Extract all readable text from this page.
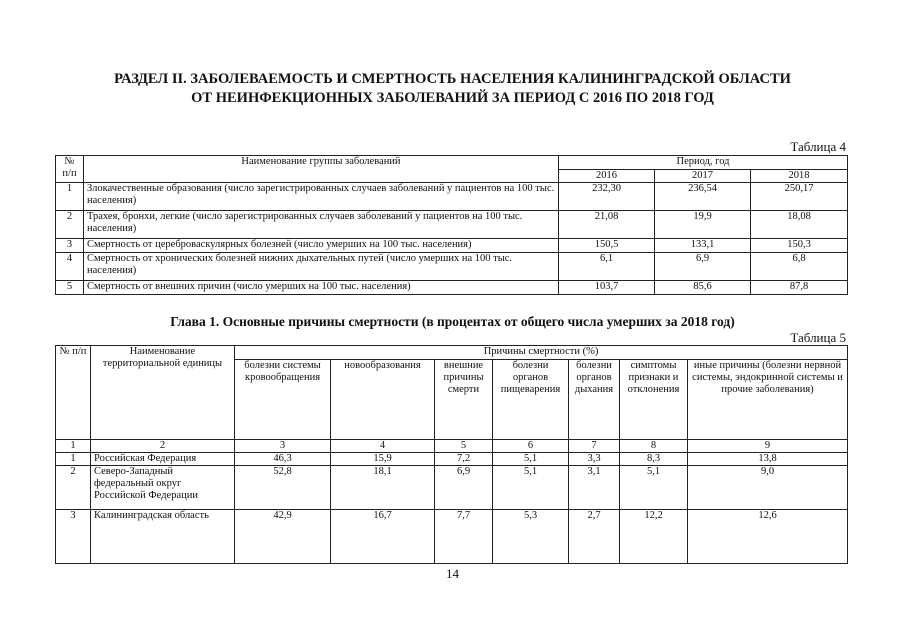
РАЗДЕЛ II. ЗАБОЛЕВАЕМОСТЬ И СМЕРТНОСТЬ НАСЕЛЕНИЯ КАЛИНИНГРАДСКОЙ ОБЛАСТИ
ОТ НЕИНФЕКЦИОННЫХ ЗАБОЛЕВАНИЙ ЗА ПЕРИОД С 2016 ПО 2018 ГОД
Таблица 4
№ п/п	Наименование группы заболеваний	Период, год		
		2016	2017	2018
1	Злокачественные образования (число зарегистрированных случаев заболеваний у пациентов на 100 тыс. населения)	232,30	236,54	250,17
2	Трахея, бронхи, легкие (число зарегистрированных случаев заболеваний у пациентов на 100 тыс. населения)	21,08	19,9	18,08
3	Смертность от цереброваскулярных болезней (число умерших на 100 тыс. населения)	150,5	133,1	150,3
4	Смертность от хронических болезней нижних дыхательных путей (число умерших на 100 тыс. населения)	6,1	6,9	6,8
5	Смертность от внешних причин (число умерших на 100 тыс. населения)	103,7	85,6	87,8
Глава 1. Основные причины смертности (в процентах от общего числа умерших за 2018 год)
Таблица 5
№ п/п	Наименование территориальной единицы	Причины смертности (%)						
		болезни системы кровообращения	новообразования	внешние причины смерти	болезни органов пищеварения	болезни органов дыхания	симптомы признаки и отклонения	иные причины (болезни нервной системы, эндокринной системы и прочие заболевания)
1	2	3	4	5	6	7	8	9
1	Российская Федерация	46,3	15,9	7,2	5,1	3,3	8,3	13,8
2	Северо-Западный федеральный округ Российской Федерации	52,8	18,1	6,9	5,1	3,1	5,1	9,0
3	Калининградская область	42,9	16,7	7,7	5,3	2,7	12,2	12,6
14
